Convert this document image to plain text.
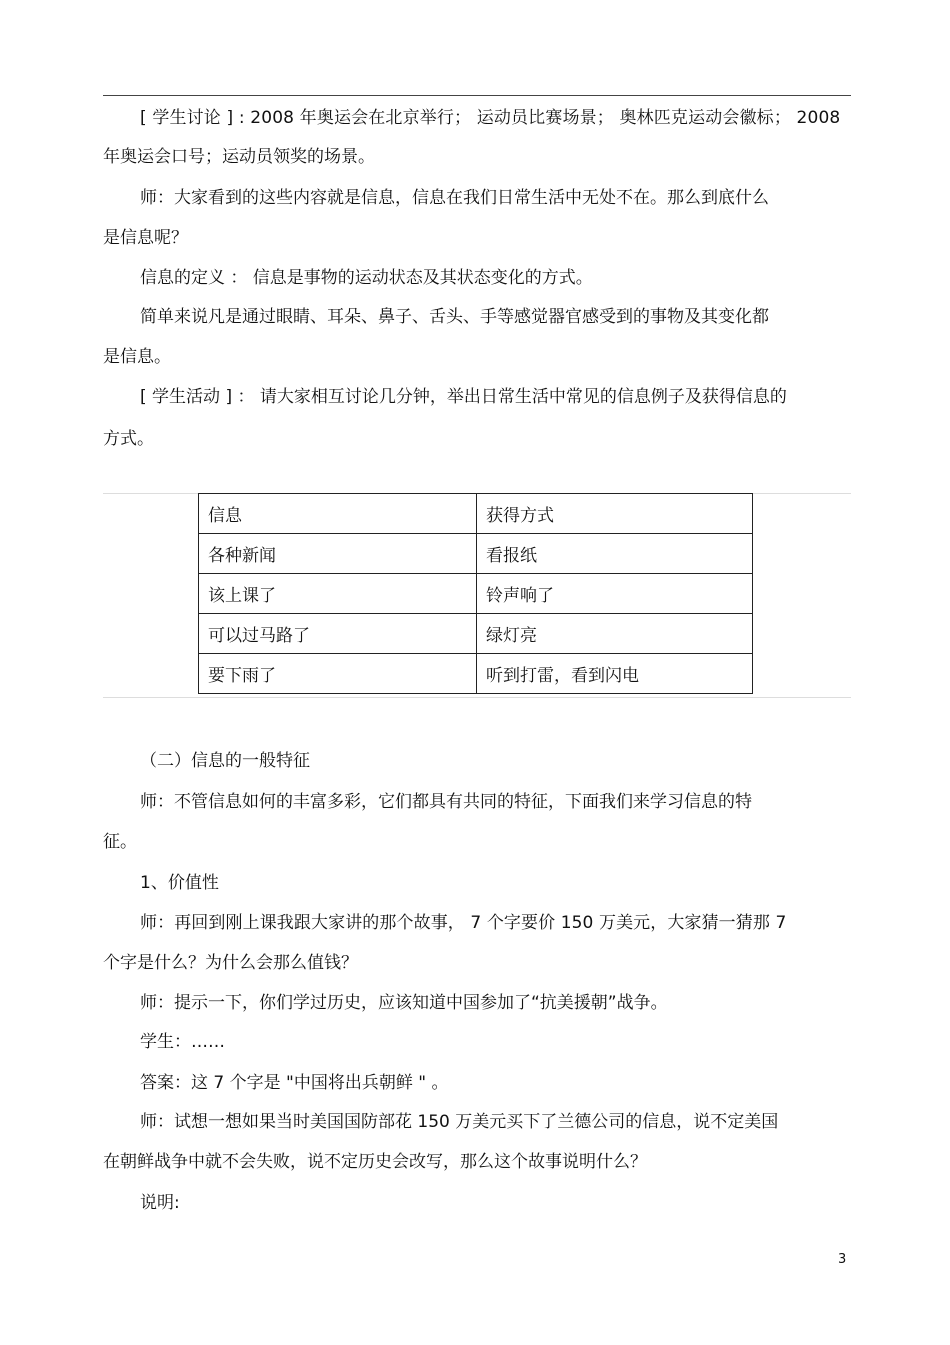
[ 学生讨论 ] : 2008 年奥运会在北京举行； 运动员比赛场景； 奥林匹克运动会徽标； 2008
年奥运会口号；运动员领奖的场景。
师：大家看到的这些内容就是信息，信息在我们日常生活中无处不在。那么到底什么
是信息呢？
信息的定义 ： 信息是事物的运动状态及其状态变化的方式。
简单来说凡是通过眼睛、耳朵、鼻子、舌头、手等感觉器官感受到的事物及其变化都
是信息。
[ 学生活动 ] ： 请大家相互讨论几分钟，举出日常生活中常见的信息例子及获得信息的
方式。
信息	获得方式
各种新闻	看报纸
该上课了	铃声响了
可以过马路了	绿灯亮
要下雨了	听到打雷，看到闪电
（二）信息的一般特征
师：不管信息如何的丰富多彩，它们都具有共同的特征，下面我们来学习信息的特
征。
1、价值性
师：再回到刚上课我跟大家讲的那个故事， 7 个字要价 150 万美元，大家猜一猜那 7
个字是什么？为什么会那么值钱？
师：提示一下，你们学过历史，应该知道中国参加了“抗美援朝”战争。
学生：……
答案：这 7 个字是 "中国将出兵朝鲜 " 。
师：试想一想如果当时美国国防部花 150 万美元买下了兰德公司的信息，说不定美国
在朝鲜战争中就不会失败，说不定历史会改写，那么这个故事说明什么？
说明:
3
